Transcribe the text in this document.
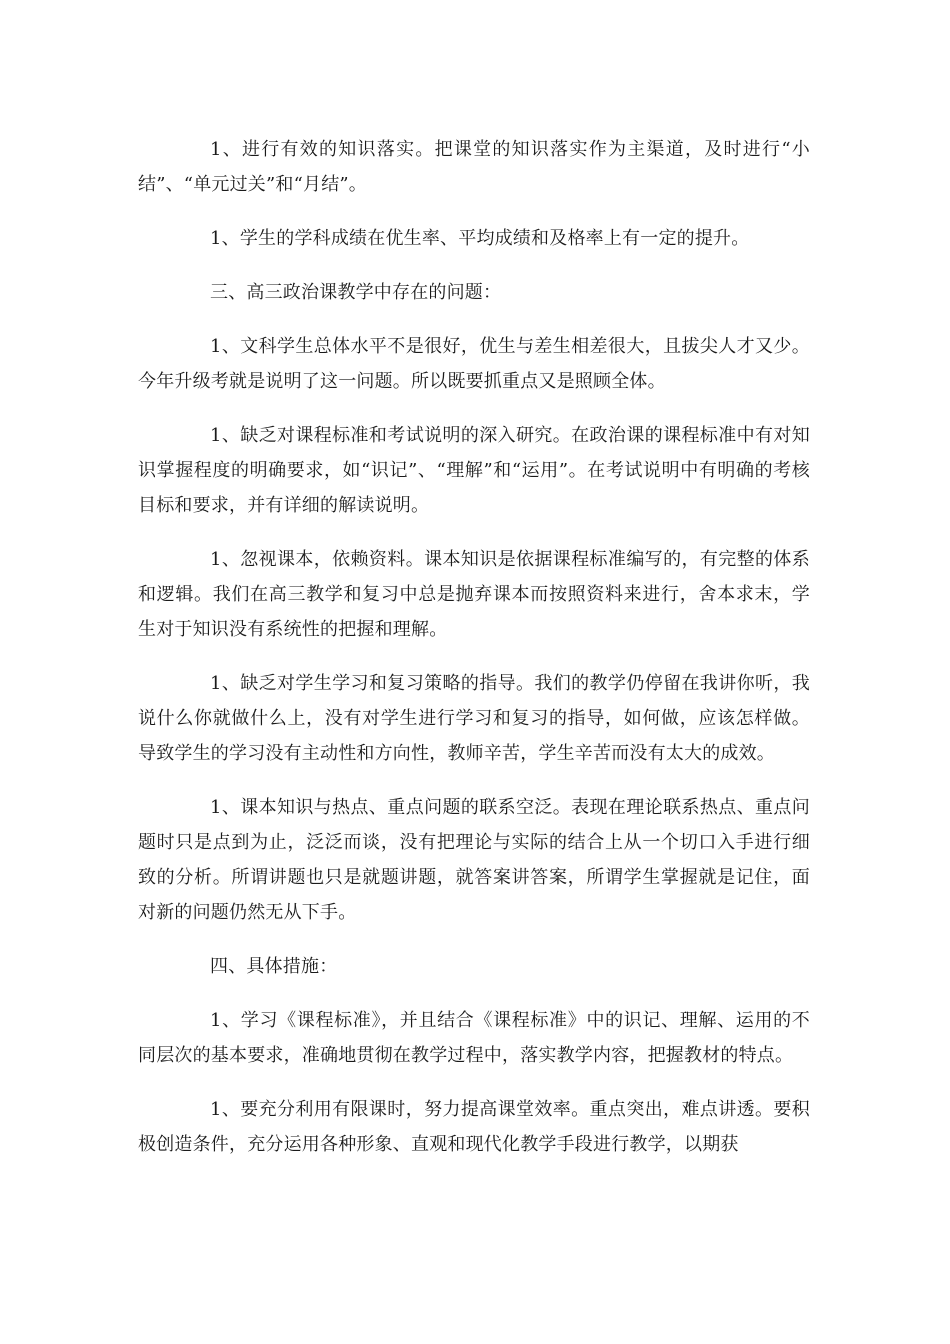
1、进行有效的知识落实。把课堂的知识落实作为主渠道，及时进行“小结”、“单元过关”和“月结”。

1、学生的学科成绩在优生率、平均成绩和及格率上有一定的提升。

三、高三政治课教学中存在的问题：

1、文科学生总体水平不是很好，优生与差生相差很大，且拔尖人才又少。今年升级考就是说明了这一问题。所以既要抓重点又是照顾全体。

1、缺乏对课程标准和考试说明的深入研究。在政治课的课程标准中有对知识掌握程度的明确要求，如“识记”、“理解”和“运用”。在考试说明中有明确的考核目标和要求，并有详细的解读说明。

1、忽视课本，依赖资料。课本知识是依据课程标准编写的，有完整的体系和逻辑。我们在高三教学和复习中总是抛弃课本而按照资料来进行，舍本求末，学生对于知识没有系统性的把握和理解。

1、缺乏对学生学习和复习策略的指导。我们的教学仍停留在我讲你听，我说什么你就做什么上，没有对学生进行学习和复习的指导，如何做，应该怎样做。导致学生的学习没有主动性和方向性，教师辛苦，学生辛苦而没有太大的成效。

1、课本知识与热点、重点问题的联系空泛。表现在理论联系热点、重点问题时只是点到为止，泛泛而谈，没有把理论与实际的结合上从一个切口入手进行细致的分析。所谓讲题也只是就题讲题，就答案讲答案，所谓学生掌握就是记住，面对新的问题仍然无从下手。

四、具体措施：

1、学习《课程标准》，并且结合《课程标准》中的识记、理解、运用的不同层次的基本要求，准确地贯彻在教学过程中，落实教学内容，把握教材的特点。

1、要充分利用有限课时，努力提高课堂效率。重点突出，难点讲透。要积极创造条件，充分运用各种形象、直观和现代化教学手段进行教学，以期获
